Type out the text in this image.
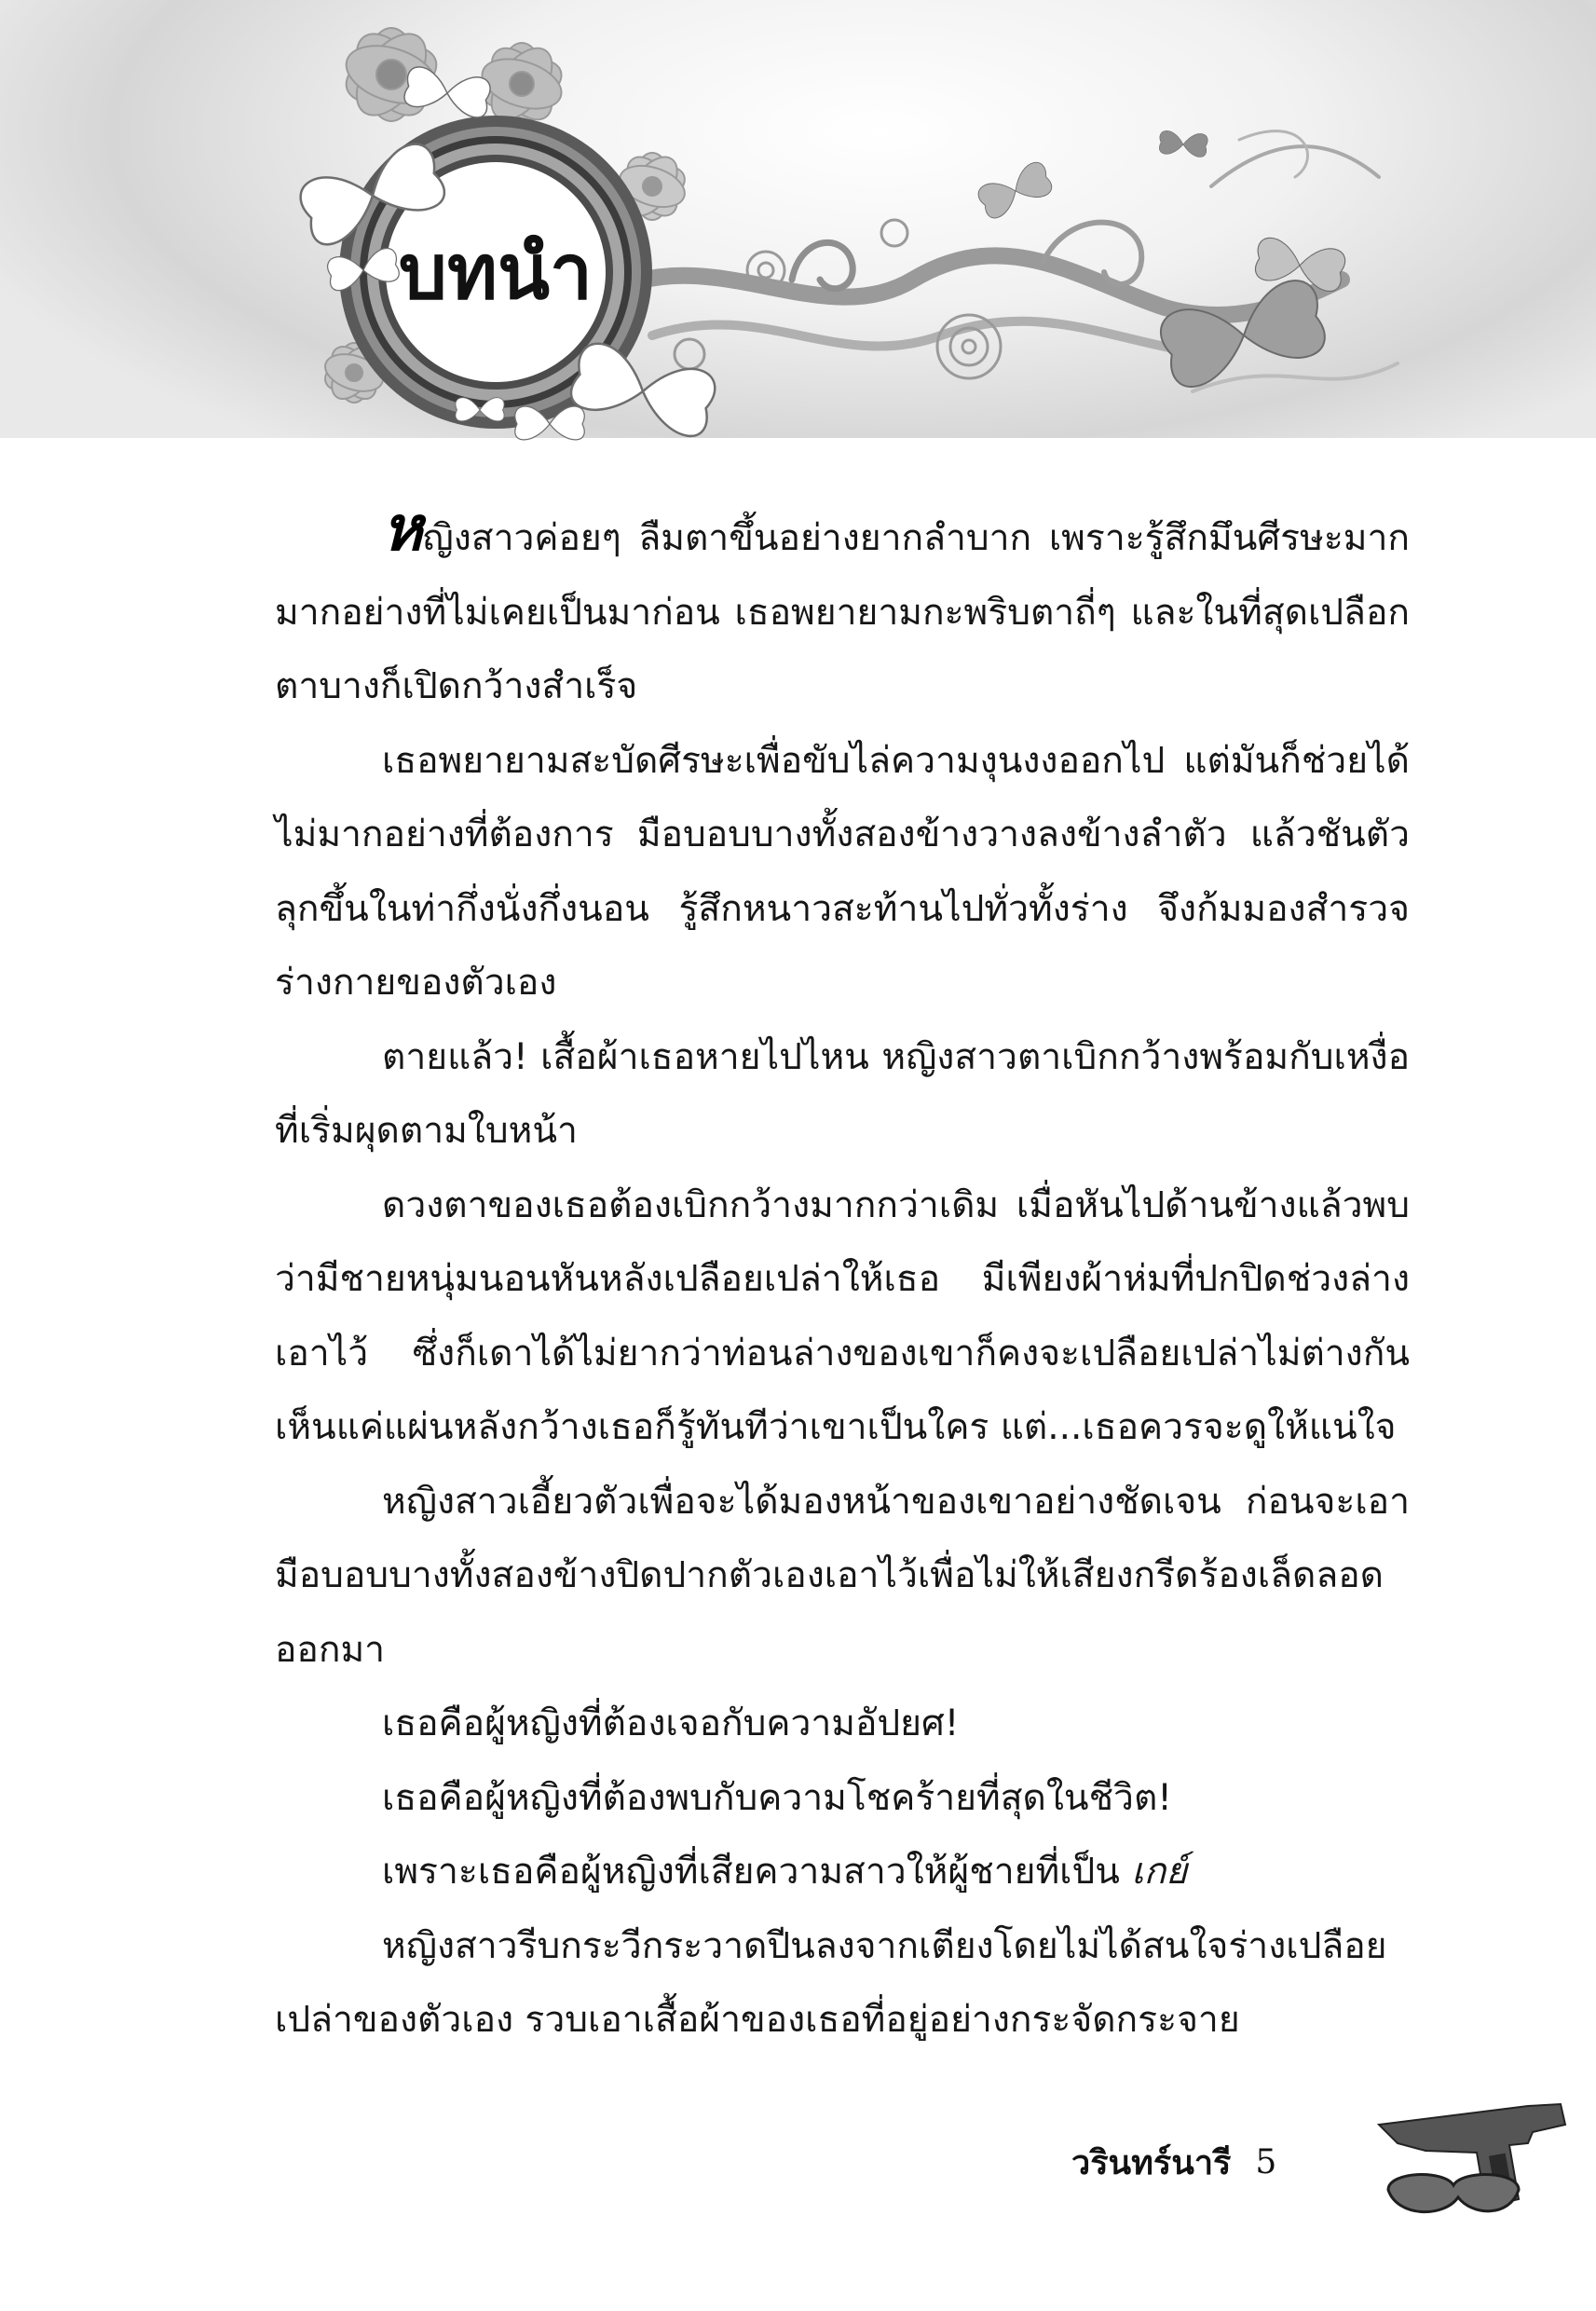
บทนำ

หญิงสาวค่อยๆ ลืมตาขึ้นอย่างยากลำบาก เพราะรู้สึกมึนศีรษะมาก มากอย่างที่ไม่เคยเป็นมาก่อน เธอพยายามกะพริบตาถี่ๆ และในที่สุดเปลือกตาบางก็เปิดกว้างสำเร็จ

เธอพยายามสะบัดศีรษะเพื่อขับไล่ความงุนงงออกไป แต่มันก็ช่วยได้ไม่มากอย่างที่ต้องการ มือบอบบางทั้งสองข้างวางลงข้างลำตัว แล้วชันตัวลุกขึ้นในท่ากึ่งนั่งกึ่งนอน รู้สึกหนาวสะท้านไปทั่วทั้งร่าง จึงก้มมองสำรวจร่างกายของตัวเอง

ตายแล้ว! เสื้อผ้าเธอหายไปไหน หญิงสาวตาเบิกกว้างพร้อมกับเหงื่อที่เริ่มผุดตามใบหน้า

ดวงตาของเธอต้องเบิกกว้างมากกว่าเดิม เมื่อหันไปด้านข้างแล้วพบว่ามีชายหนุ่มนอนหันหลังเปลือยเปล่าให้เธอ มีเพียงผ้าห่มที่ปกปิดช่วงล่างเอาไว้ ซึ่งก็เดาได้ไม่ยากว่าท่อนล่างของเขาก็คงจะเปลือยเปล่าไม่ต่างกัน เห็นแค่แผ่นหลังกว้างเธอก็รู้ทันทีว่าเขาเป็นใคร แต่...เธอควรจะดูให้แน่ใจ

หญิงสาวเอี้ยวตัวเพื่อจะได้มองหน้าของเขาอย่างชัดเจน ก่อนจะเอามือบอบบางทั้งสองข้างปิดปากตัวเองเอาไว้เพื่อไม่ให้เสียงกรีดร้องเล็ดลอดออกมา

เธอคือผู้หญิงที่ต้องเจอกับความอัปยศ!

เธอคือผู้หญิงที่ต้องพบกับความโชคร้ายที่สุดในชีวิต!

เพราะเธอคือผู้หญิงที่เสียความสาวให้ผู้ชายที่เป็น เกย์

หญิงสาวรีบกระวีกระวาดปีนลงจากเตียงโดยไม่ได้สนใจร่างเปลือยเปล่าของตัวเอง รวบเอาเสื้อผ้าของเธอที่อยู่อย่างกระจัดกระจาย

วรินทร์นารี 5
